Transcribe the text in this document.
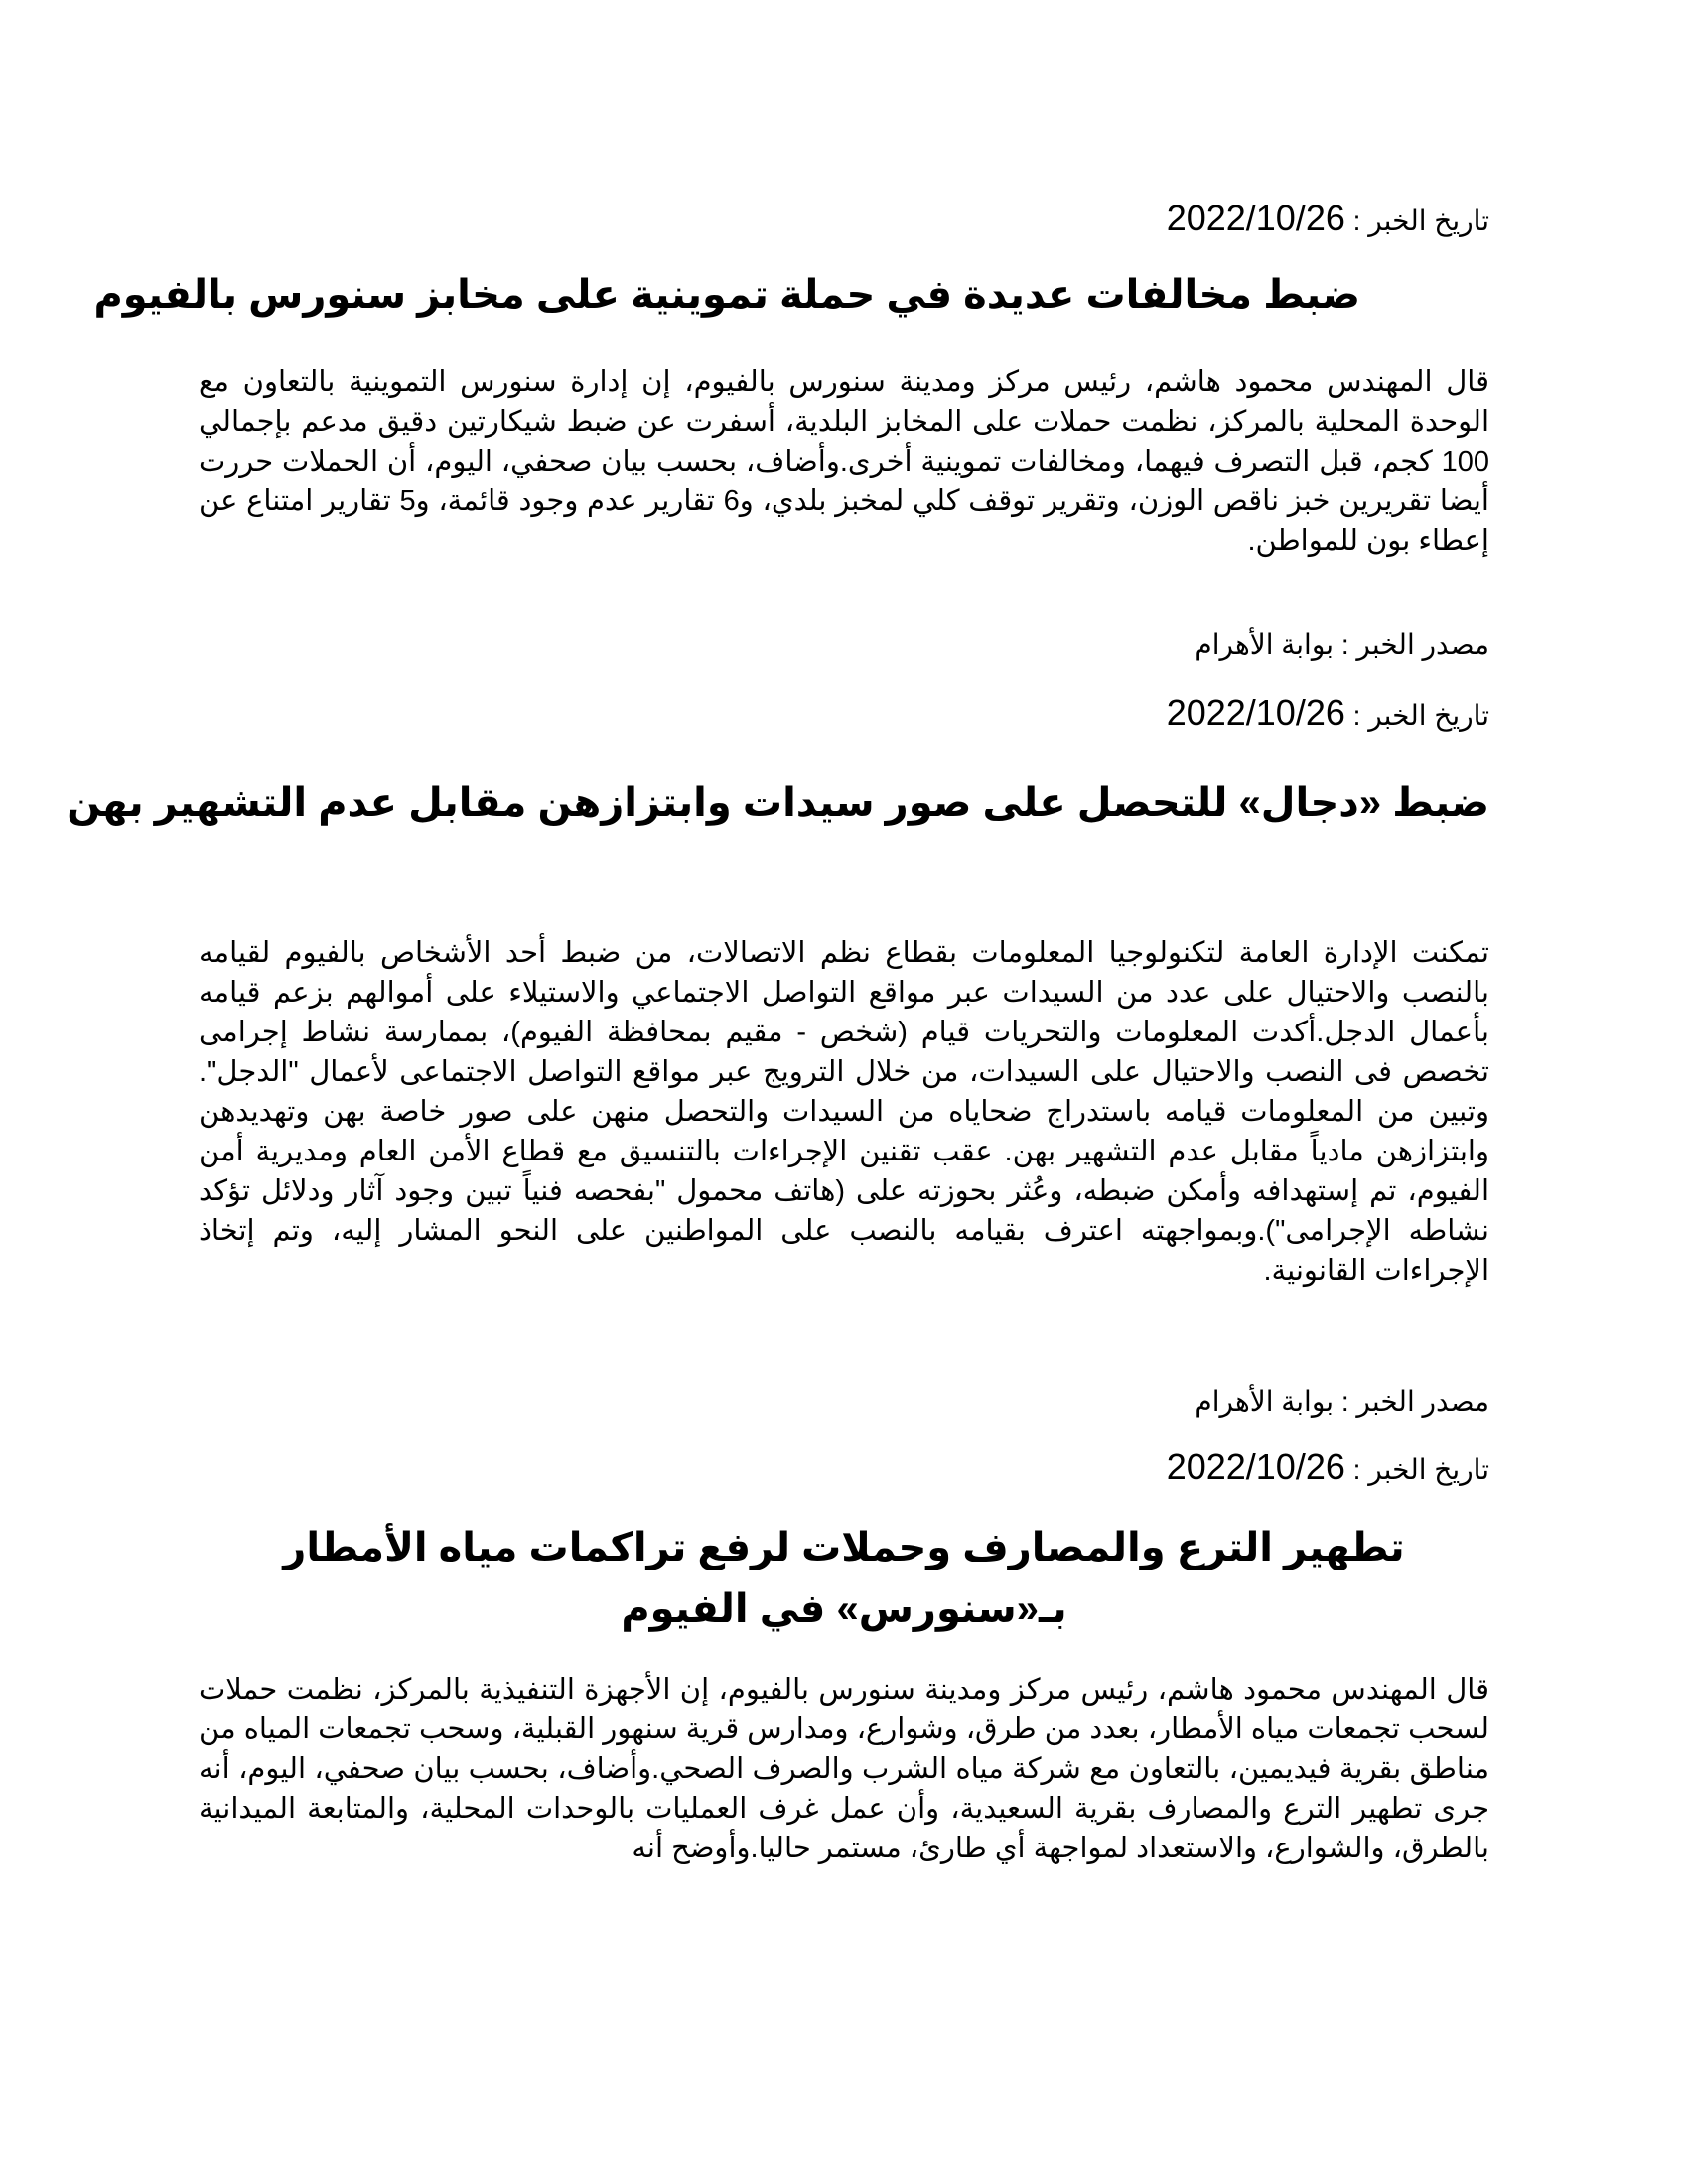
تاريخ الخبر : 2022/10/26
ضبط مخالفات عديدة في حملة تموينية على مخابز سنورس بالفيوم

قال المهندس محمود هاشم، رئيس مركز ومدينة سنورس بالفيوم، إن إدارة سنورس التموينية بالتعاون مع الوحدة المحلية بالمركز، نظمت حملات على المخابز البلدية، أسفرت عن ضبط شيكارتين دقيق مدعم بإجمالي 100 كجم، قبل التصرف فيهما، ومخالفات تموينية أخرى.وأضاف، بحسب بيان صحفي، اليوم، أن الحملات حررت أيضا تقريرين خبز ناقص الوزن، وتقرير توقف كلي لمخبز بلدي، و6 تقارير عدم وجود قائمة، و5 تقارير امتناع عن إعطاء بون للمواطن.

مصدر الخبر : بوابة الأهرام
تاريخ الخبر : 2022/10/26
ضبط «دجال» للتحصل على صور سيدات وابتزازهن مقابل عدم التشهير بهن

تمكنت الإدارة العامة لتكنولوجيا المعلومات بقطاع نظم الاتصالات، من ضبط أحد الأشخاص بالفيوم لقيامه بالنصب والاحتيال على عدد من السيدات عبر مواقع التواصل الاجتماعي والاستيلاء على أموالهم بزعم قيامه بأعمال الدجل.أكدت المعلومات والتحريات قيام (شخص - مقيم بمحافظة الفيوم)، بممارسة نشاط إجرامى تخصص فى النصب والاحتيال على السيدات، من خلال الترويج عبر مواقع التواصل الاجتماعى لأعمال "الدجل". وتبين من المعلومات قيامه باستدراج ضحاياه من السيدات والتحصل منهن على صور خاصة بهن وتهديدهن وابتزازهن مادياً مقابل عدم التشهير بهن. عقب تقنين الإجراءات بالتنسيق مع قطاع الأمن العام ومديرية أمن الفيوم، تم إستهدافه وأمكن ضبطه، وعُثر بحوزته على (هاتف محمول "بفحصه فنياً تبين وجود آثار ودلائل تؤكد نشاطه الإجرامى").وبمواجهته اعترف بقيامه بالنصب على المواطنين على النحو المشار إليه، وتم إتخاذ الإجراءات القانونية.

مصدر الخبر : بوابة الأهرام
تاريخ الخبر : 2022/10/26
تطهير الترع والمصارف وحملات لرفع تراكمات مياه الأمطار بـ«سنورس» في الفيوم

قال المهندس محمود هاشم، رئيس مركز ومدينة سنورس بالفيوم، إن الأجهزة التنفيذية بالمركز، نظمت حملات لسحب تجمعات مياه الأمطار، بعدد من طرق، وشوارع، ومدارس قرية سنهور القبلية، وسحب تجمعات المياه من مناطق بقرية فيديمين، بالتعاون مع شركة مياه الشرب والصرف الصحي.وأضاف، بحسب بيان صحفي، اليوم، أنه جرى تطهير الترع والمصارف بقرية السعيدية، وأن عمل غرف العمليات بالوحدات المحلية، والمتابعة الميدانية بالطرق، والشوارع، والاستعداد لمواجهة أي طارئ، مستمر حاليا.وأوضح أنه
